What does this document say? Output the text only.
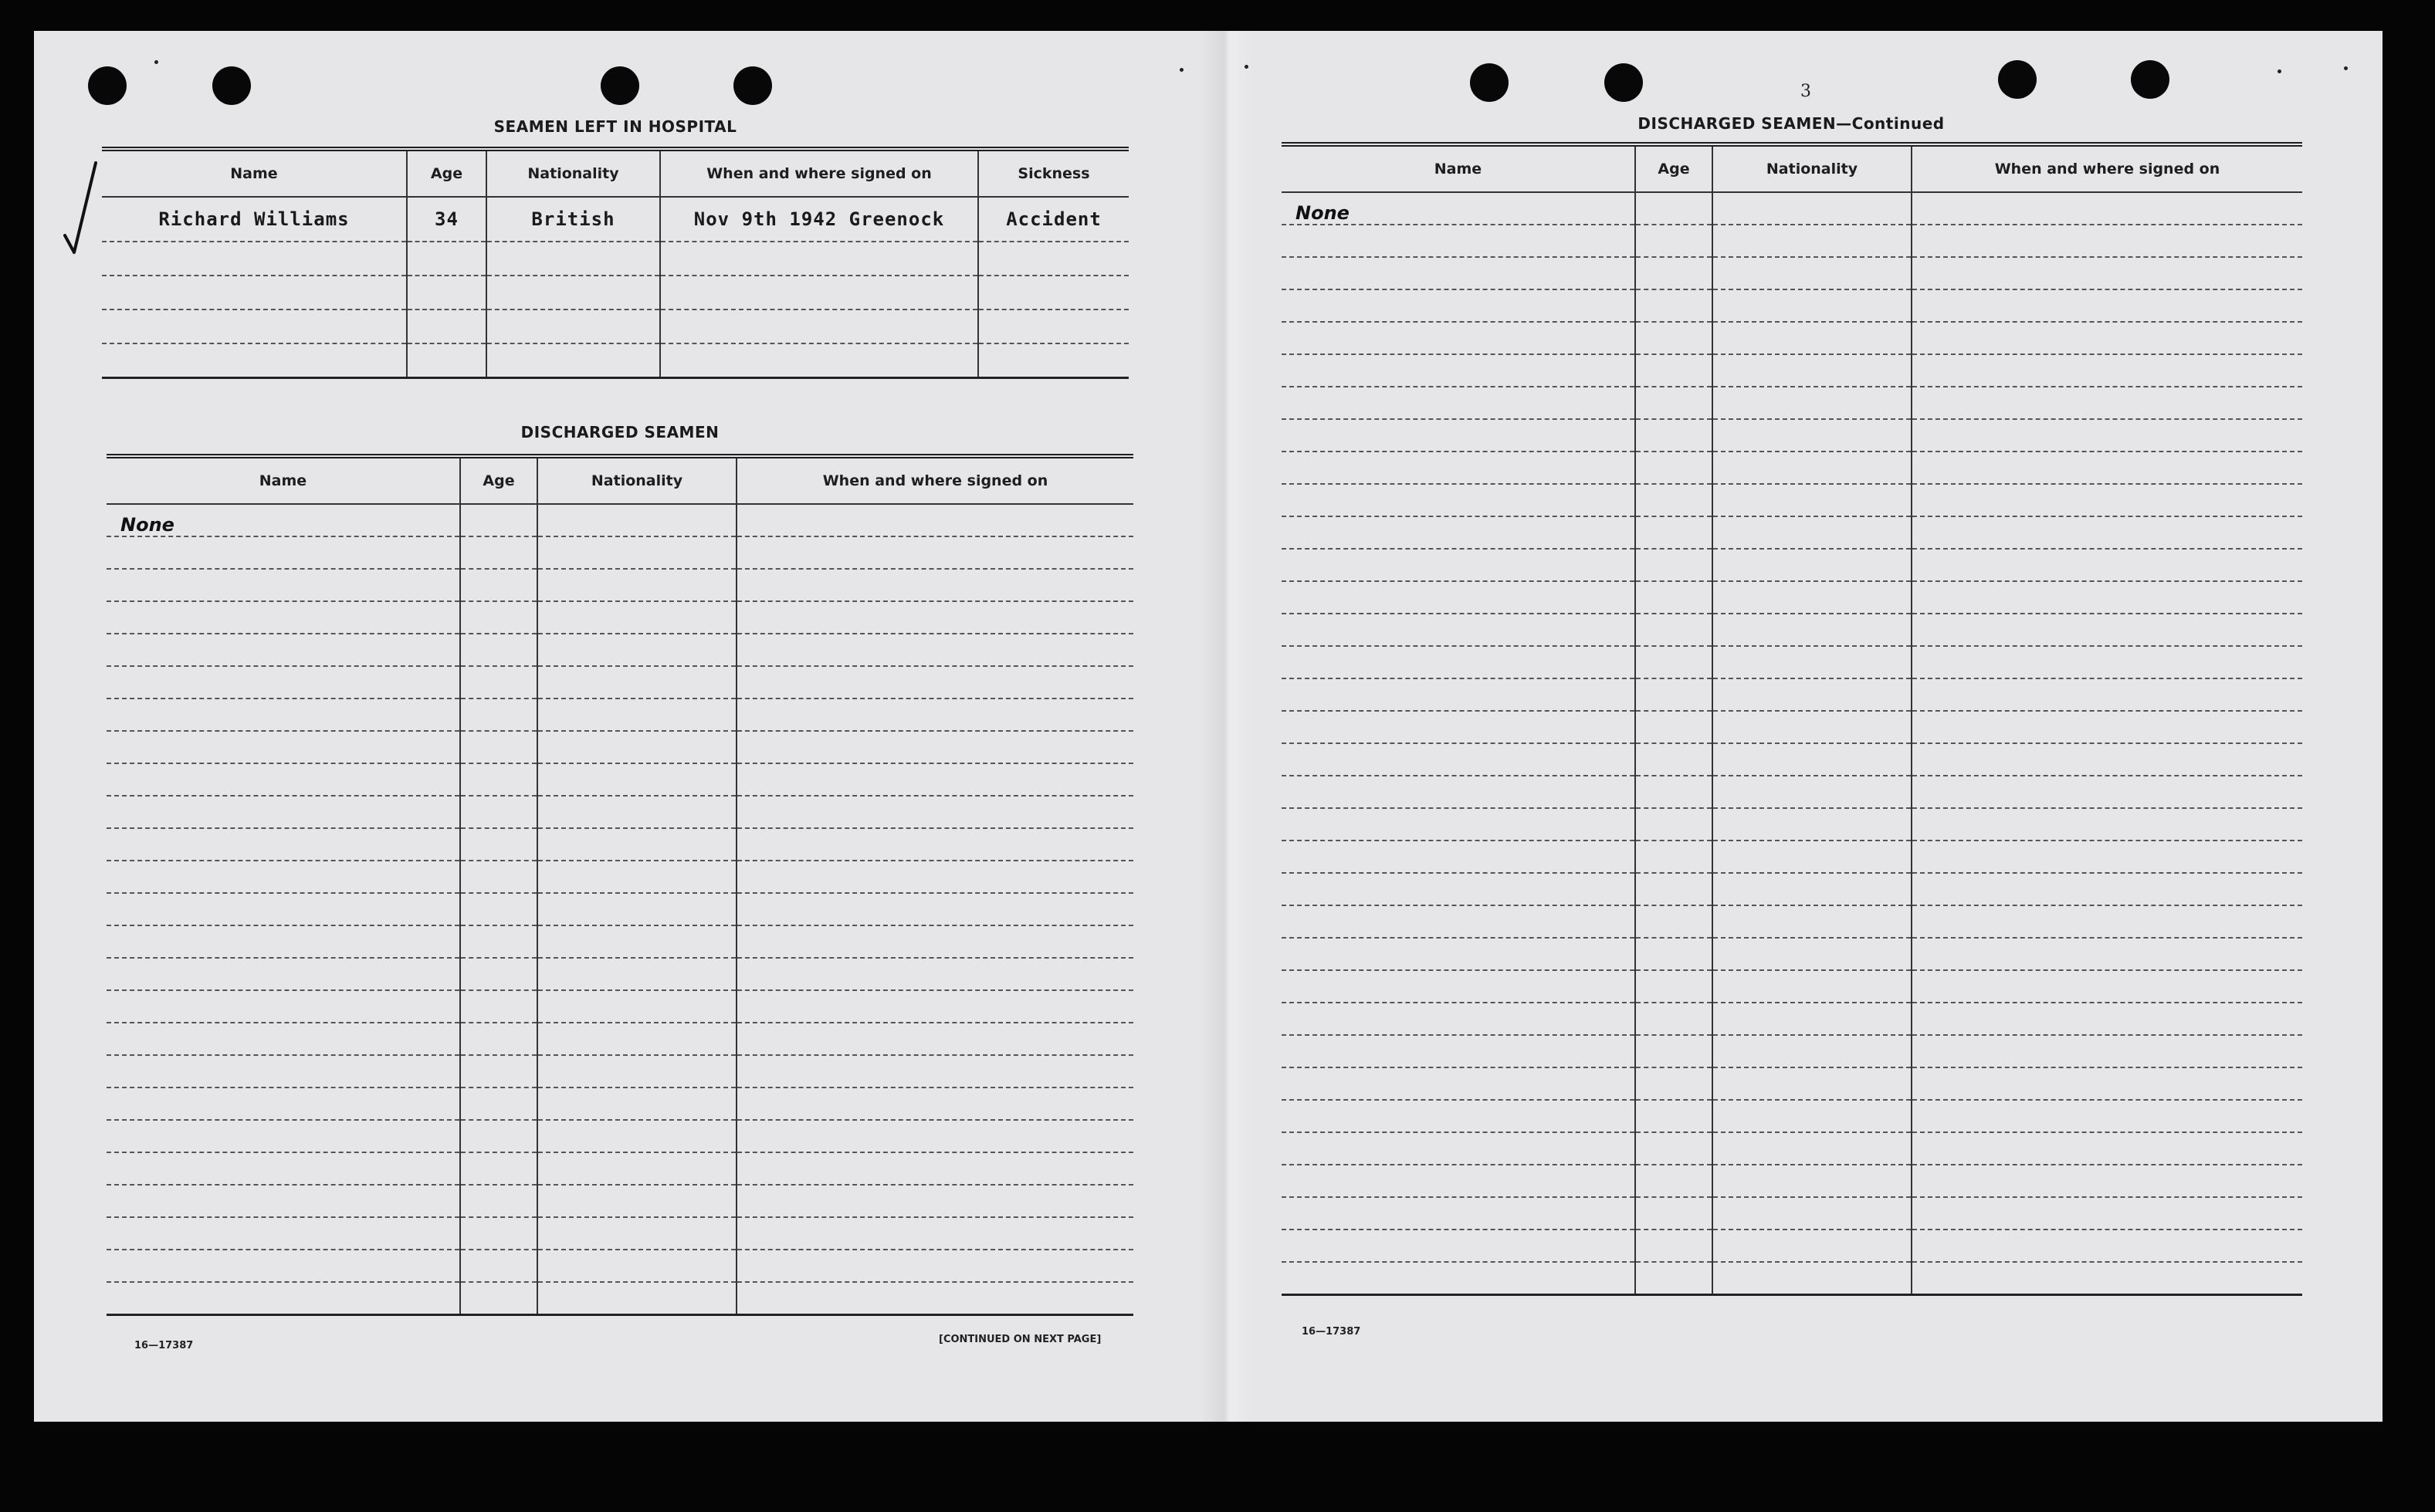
SEAMEN LEFT IN HOSPITAL
Name	Age	Nationality	When and where signed on	Sickness
Richard Williams	34	British	Nov 9th 1942 Greenock	Accident

DISCHARGED SEAMEN
Name	Age	Nationality	When and where signed on
None			

16—17387
[CONTINUED ON NEXT PAGE]
3
DISCHARGED SEAMEN—Continued
Name	Age	Nationality	When and where signed on
None			

16—17387
